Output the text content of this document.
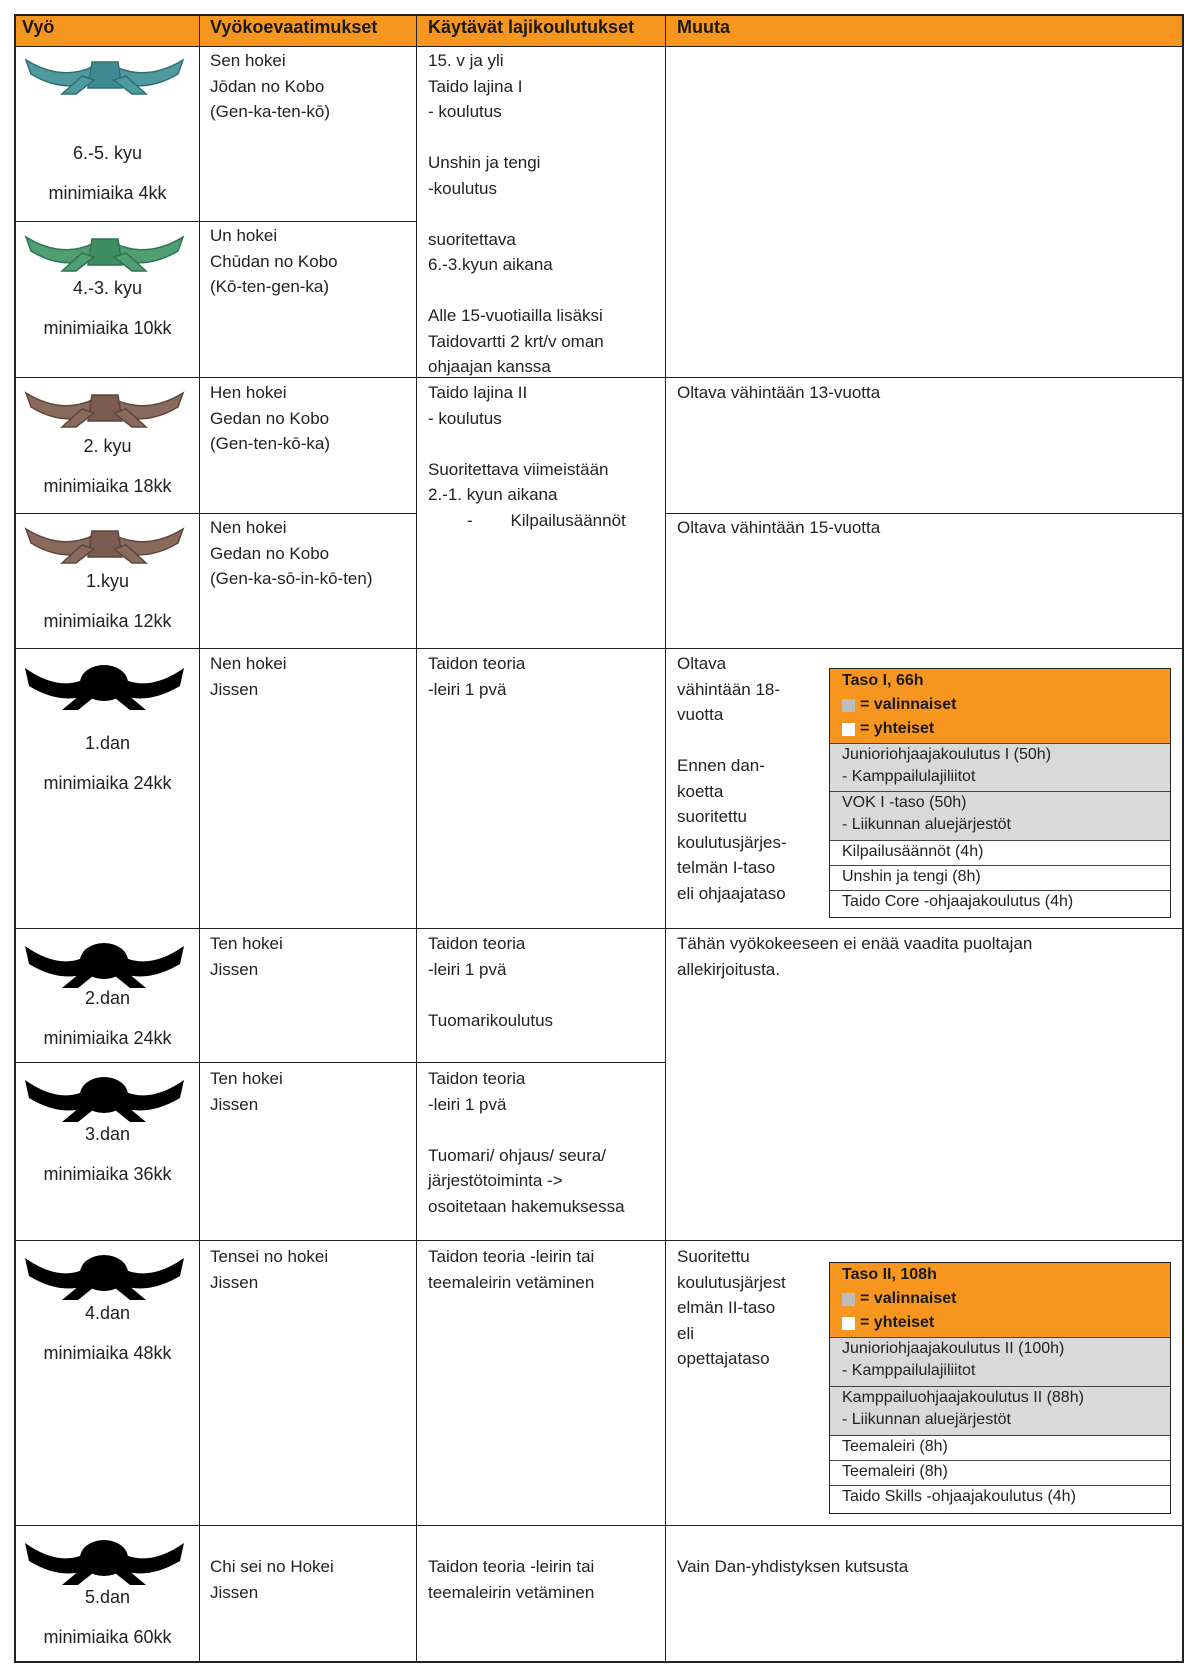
Vyö	Vyökoevaatimukset	Käytävät lajikoulutukset Muuta
6.-5. kyu
minimiaika 4kk
Sen hokei
Jōdan no Kobo
(Gen-ka-ten-kō)
4.-3. kyu
minimiaika 10kk
Un hokei
Chūdan no Kobo
(Kō-ten-gen-ka)
15. v ja yli
Taido lajina I
- koulutus

Unshin ja tengi
-koulutus

suoritettava
6.-3.kyun aikana

Alle 15-vuotiailla lisäksi
Taidovartti 2 krt/v oman
ohjaajan kanssa
2. kyu
minimiaika 18kk
Hen hokei
Gedan no Kobo
(Gen-ten-kō-ka)
Oltava vähintään 13-vuotta
1.kyu
minimiaika 12kk
Nen hokei
Gedan no Kobo
(Gen-ka-sō-in-kō-ten)
Oltava vähintään 15-vuotta
Taido lajina II
- koulutus

Suoritettava viimeistään
2.-1. kyun aikana
-        Kilpailusäännöt
1.dan
minimiaika 24kk
Nen hokei
Jissen
Taidon teoria
-leiri 1 pvä
Oltava
vähintään 18-
vuotta

Ennen dan-
koetta
suoritettu
koulutusjärjes-
telmän I-taso
eli ohjaajataso
Taso I, 66h
= valinnaiset
= yhteiset
Junioriohjaajakoulutus I (50h)
- Kamppailulajiliitot
VOK I -taso (50h)
- Liikunnan aluejärjestöt
Kilpailusäännöt (4h)
Unshin ja tengi (8h)
Taido Core -ohjaajakoulutus (4h)
2.dan
minimiaika 24kk
Ten hokei
Jissen
Taidon teoria
-leiri 1 pvä

Tuomarikoulutus
Tähän vyökokeeseen ei enää vaadita puoltajan
allekirjoitusta.
3.dan
minimiaika 36kk
Ten hokei
Jissen
Taidon teoria
-leiri 1 pvä

Tuomari/ ohjaus/ seura/
järjestötoiminta ->
osoitetaan hakemuksessa
4.dan
minimiaika 48kk
Tensei no hokei
Jissen
Taidon teoria -leirin tai
teemaleirin vetäminen
Suoritettu
koulutusjärjest
elmän II-taso
eli
opettajataso
Taso II, 108h
= valinnaiset
= yhteiset
Junioriohjaajakoulutus II (100h)
- Kamppailulajiliitot
Kamppailuohjaajakoulutus II (88h)
- Liikunnan aluejärjestöt
Teemaleiri (8h)
Teemaleiri (8h)
Taido Skills -ohjaajakoulutus (4h)
5.dan
minimiaika 60kk
Chi sei no Hokei
Jissen
Taidon teoria -leirin tai
teemaleirin vetäminen
Vain Dan-yhdistyksen kutsusta
